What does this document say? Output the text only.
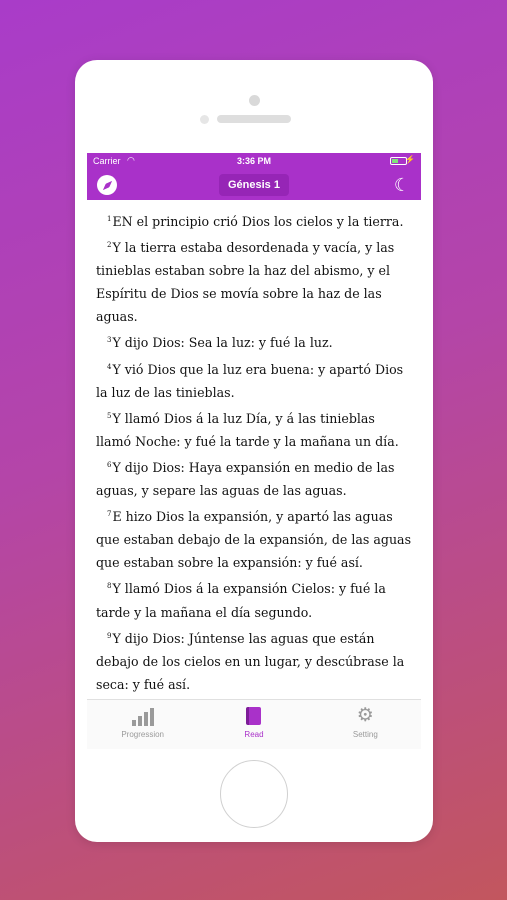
Carrier ◠	3:36 PM	⚡
Génesis 1	☾

$^1$EN el principio crió Dios los cielos y la tierra.

$^2$Y la tierra estaba desordenada y vacía, y las tinieblas estaban sobre la haz del abismo, y el Espíritu de Dios se movía sobre la haz de las aguas.

$^3$Y dijo Dios: Sea la luz: y fué la luz.

$^4$Y vió Dios que la luz era buena: y apartó Dios la luz de las tinieblas.

$^5$Y llamó Dios á la luz Día, y á las tinieblas llamó Noche: y fué la tarde y la mañana un día.

$^6$Y dijo Dios: Haya expansión en medio de las aguas, y separe las aguas de las aguas.

$^7$E hizo Dios la expansión, y apartó las aguas que estaban debajo de la expansión, de las aguas que estaban sobre la expansión: y fué así.

$^8$Y llamó Dios á la expansión Cielos: y fué la tarde y la mañana el día segundo.

$^9$Y dijo Dios: Júntense las aguas que están debajo de los cielos en un lugar, y descúbrase la seca: y fué así.

Progression	Read
⚙
Setting
